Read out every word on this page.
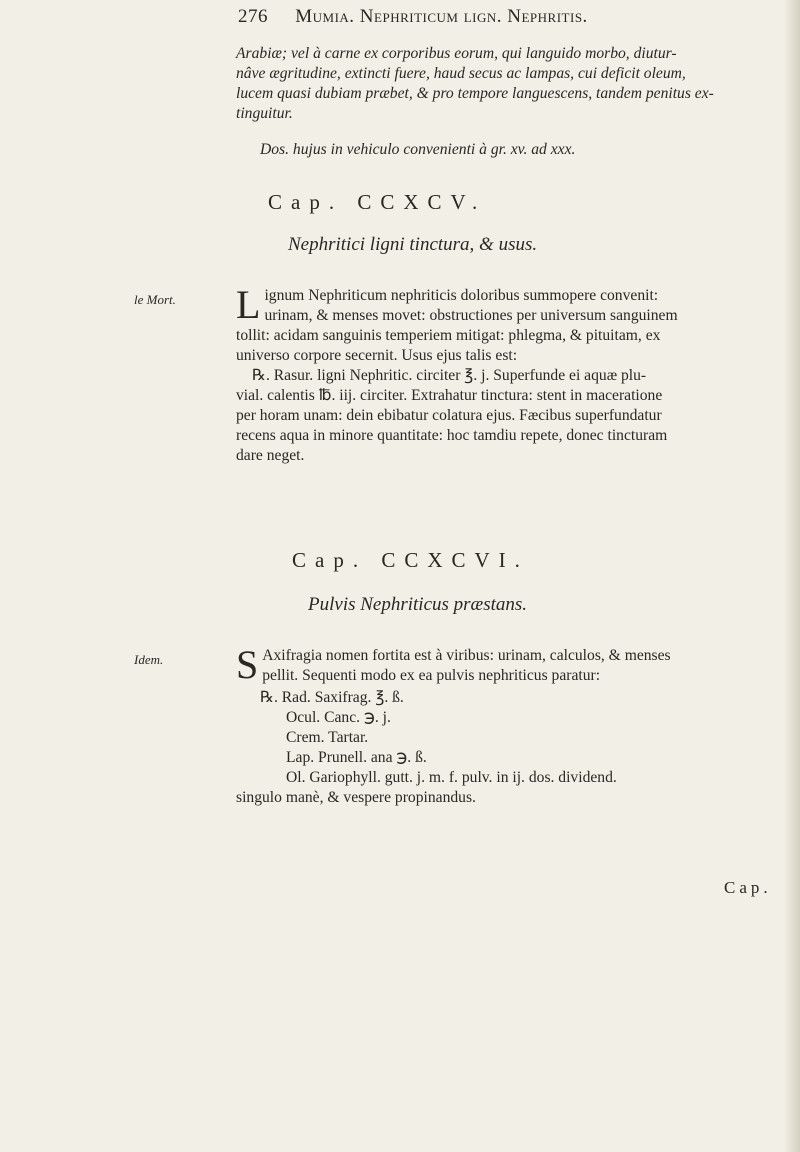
276 Mumia. Nephriticum lign. Nephritis.
Arabiæ; vel à carne ex corporibus eorum, qui languido morbo, diutur-
nâve ægritudine, extincti fuere, haud secus ac lampas, cui deficit oleum,
lucem quasi dubiam præbet, & pro tempore languescens, tandem penitus ex-
tinguitur.
Dos. hujus in vehiculo convenienti à gr. xv. ad xxx.
Cap. CCXCV.
Nephritici ligni tinctura, & usus.
le Mort. L ignum Nephriticum nephriticis doloribus summopere convenit:
urinam, & menses movet: obstructiones per universum sanguinem
tollit: acidam sanguinis temperiem mitigat: phlegma, & pituitam, ex
universo corpore secernit. Usus ejus talis est:
℞. Rasur. ligni Nephritic. circiter ℥. j. Superfunde ei aquæ plu-
vial. calentis ℔. iij. circiter. Extrahatur tinctura: stent in maceratione
per horam unam: dein ebibatur colatura ejus. Fæcibus superfundatur
recens aqua in minore quantitate: hoc tamdiu repete, donec tincturam
dare neget.
Cap. CCXCVI.
Pulvis Nephriticus præstans.
Idem. S Axifragia nomen fortita est à viribus: urinam, calculos, & menses
pellit. Sequenti modo ex ea pulvis nephriticus paratur:
℞. Rad. Saxifrag. ℥. ß.
Ocul. Canc. ℈. j.
Crem. Tartar.
Lap. Prunell. ana ℈. ß.
Ol. Gariophyll. gutt. j. m. f. pulv. in ij. dos. dividend.
singulo manè, & vespere propinandus.
Cap.
